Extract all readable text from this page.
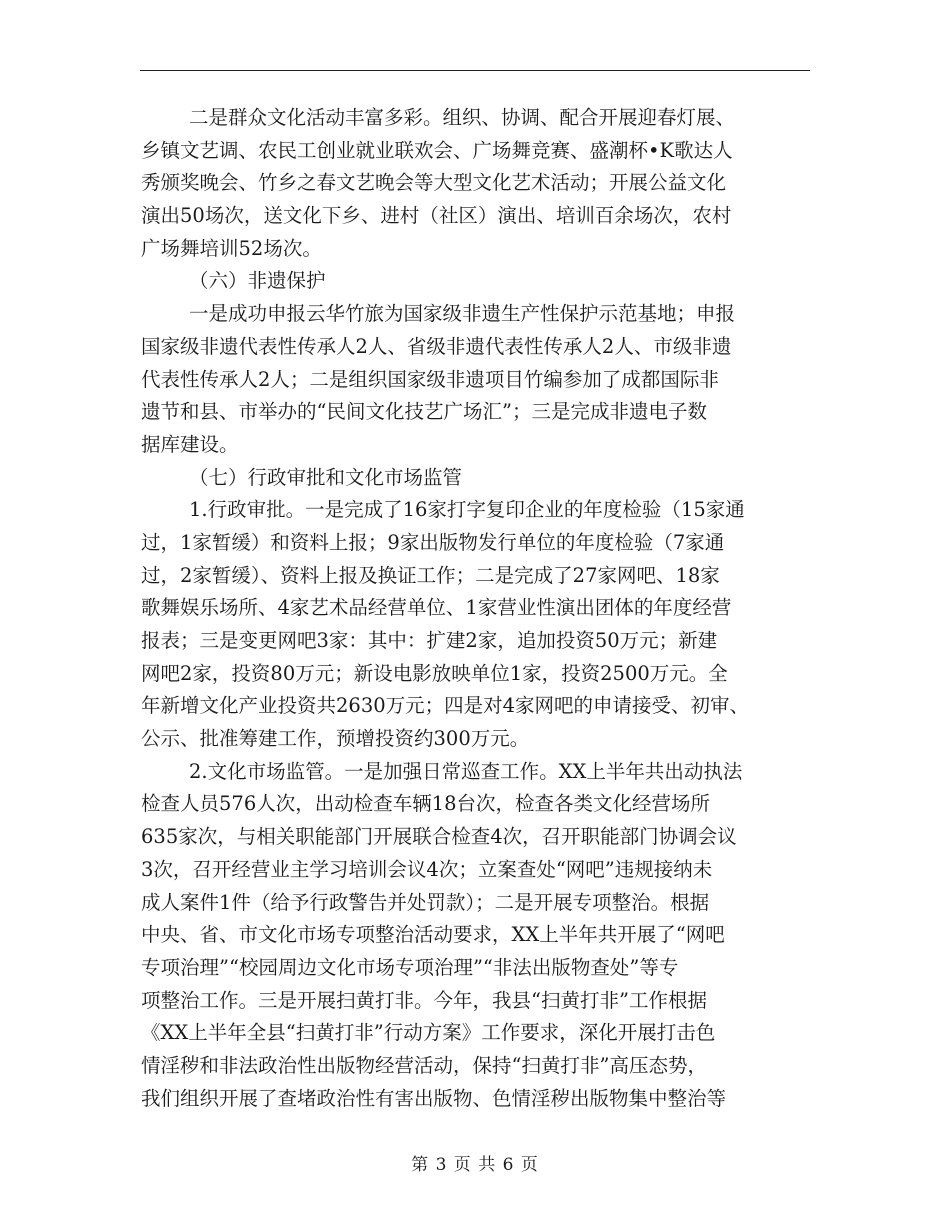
二是群众文化活动丰富多彩。组织、协调、配合开展迎春灯展、
乡镇文艺调、农民工创业就业联欢会、广场舞竞赛、盛潮杯•K歌达人
秀颁奖晚会、竹乡之春文艺晚会等大型文化艺术活动；开展公益文化
演出50场次，送文化下乡、进村（社区）演出、培训百余场次，农村
广场舞培训52场次。
（六）非遗保护
一是成功申报云华竹旅为国家级非遗生产性保护示范基地；申报
国家级非遗代表性传承人2人、省级非遗代表性传承人2人、市级非遗
代表性传承人2人；二是组织国家级非遗项目竹编参加了成都国际非
遗节和县、市举办的“民间文化技艺广场汇”；三是完成非遗电子数
据库建设。
（七）行政审批和文化市场监管
1.行政审批。一是完成了16家打字复印企业的年度检验（15家通
过，1家暂缓）和资料上报；9家出版物发行单位的年度检验（7家通
过，2家暂缓）、资料上报及换证工作；二是完成了27家网吧、18家
歌舞娱乐场所、4家艺术品经营单位、1家营业性演出团体的年度经营
报表；三是变更网吧3家：其中：扩建2家，追加投资50万元；新建
网吧2家，投资80万元；新设电影放映单位1家，投资2500万元。全
年新增文化产业投资共2630万元；四是对4家网吧的申请接受、初审、
公示、批准筹建工作，预增投资约300万元。
2.文化市场监管。一是加强日常巡查工作。XX上半年共出动执法
检查人员576人次，出动检查车辆18台次，检查各类文化经营场所
635家次，与相关职能部门开展联合检查4次，召开职能部门协调会议
3次，召开经营业主学习培训会议4次；立案查处“网吧”违规接纳未
成人案件1件（给予行政警告并处罚款）；二是开展专项整治。根据
中央、省、市文化市场专项整治活动要求，XX上半年共开展了“网吧
专项治理”“校园周边文化市场专项治理”“非法出版物查处”等专
项整治工作。三是开展扫黄打非。今年，我县“扫黄打非”工作根据
《XX上半年全县“扫黄打非”行动方案》工作要求，深化开展打击色
情淫秽和非法政治性出版物经营活动，保持“扫黄打非”高压态势，
我们组织开展了查堵政治性有害出版物、色情淫秽出版物集中整治等
第 3 页 共 6 页
